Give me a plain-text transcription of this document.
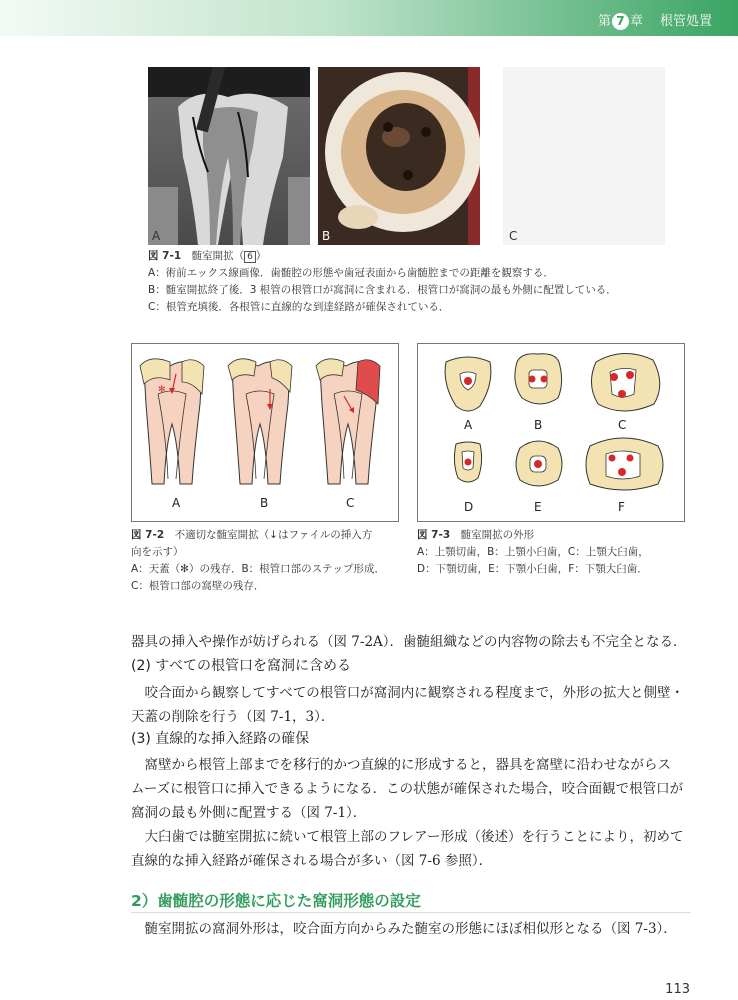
第 7 章 根管処置
A	B	C
図 7-1　 髄室開拡（ 6 ）
A：術前エックス線画像．歯髄腔の形態や歯冠表面から歯髄腔までの距離を観察する．
B：髄室開拡終了後．3 根管の根管口が窩洞に含まれる．根管口が窩洞の最も外側に配置している．
C：根管充填後．各根管に直線的な到達経路が確保されている．
✻
A	B	C
A	B	C
D	E	F
図 7-2　 不適切な髄室開拡（↓はファイルの挿入方
向を示す）
A：天蓋（✻）の残存．B：根管口部のステップ形成．
C：根管口部の窩壁の残存．
図 7-3　 髄室開拡の外形
A：上顎切歯，B：上顎小臼歯，C：上顎大臼歯，
D：下顎切歯，E：下顎小臼歯，F：下顎大臼歯．
器具の挿入や操作が妨げられる（図 7-2A）．歯髄組織などの内容物の除去も不完全となる．
(2) すべての根管口を窩洞に含める
　咬合面から観察してすべての根管口が窩洞内に観察される程度まで，外形の拡大と側壁・
天蓋の削除を行う（図 7-1，3）．
(3) 直線的な挿入経路の確保
　窩壁から根管上部までを移行的かつ直線的に形成すると，器具を窩壁に沿わせながらス
ムーズに根管口に挿入できるようになる．この状態が確保された場合，咬合面観で根管口が
窩洞の最も外側に配置する（図 7-1）．
　大臼歯では髄室開拡に続いて根管上部のフレアー形成（後述）を行うことにより，初めて
直線的な挿入経路が確保される場合が多い（図 7-6 参照）．
2）歯髄腔の形態に応じた窩洞形態の設定
　髄室開拡の窩洞外形は，咬合面方向からみた髄室の形態にほぼ相似形となる（図 7-3）．
113
